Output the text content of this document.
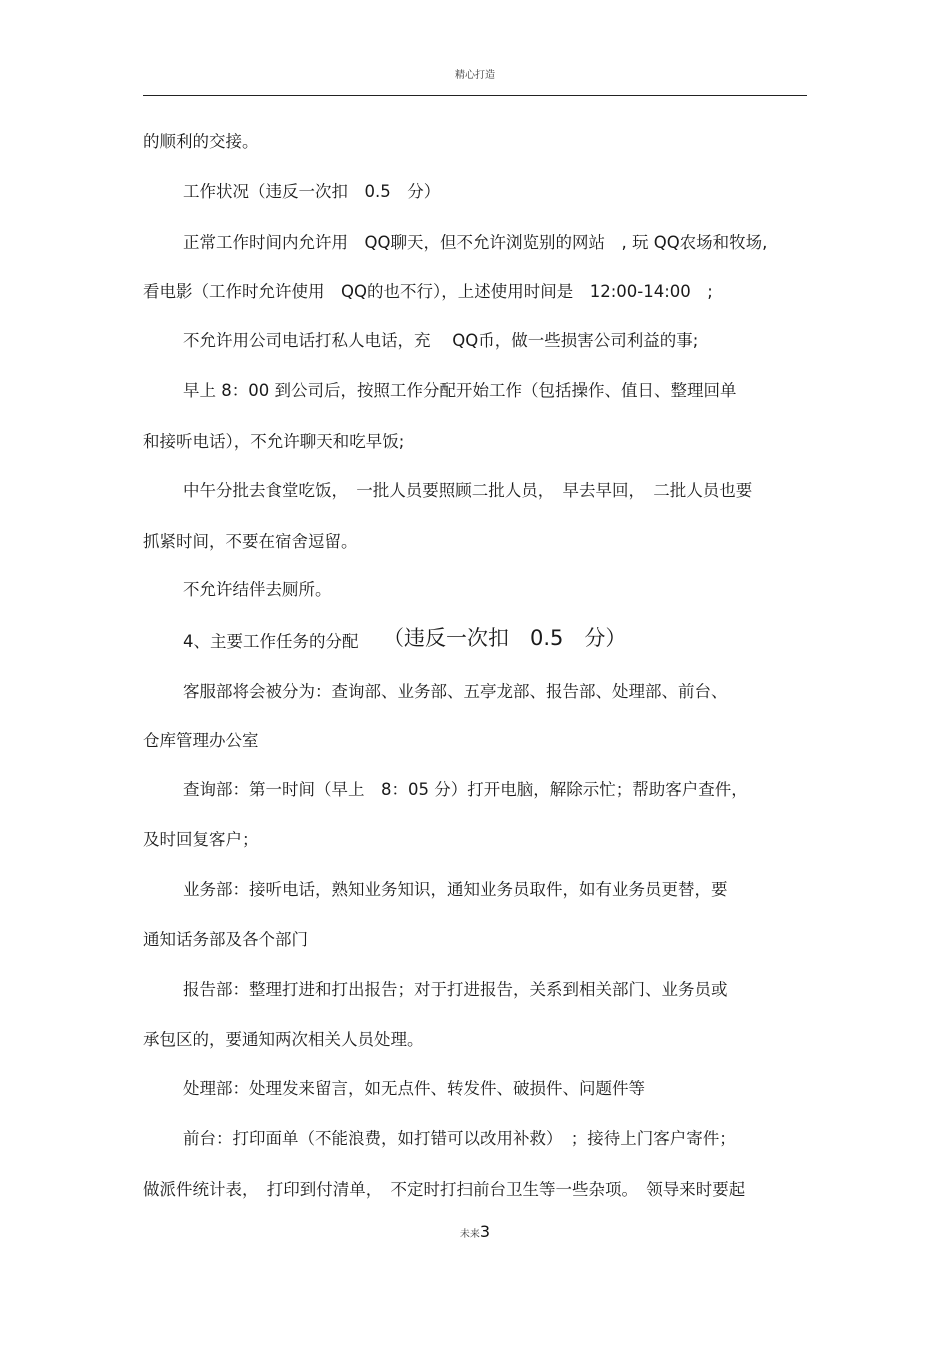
精心打造
的顺利的交接。
工作状况（违反一次扣　0.5　分）
正常工作时间内允许用　QQ聊天，但不允许浏览别的网站　, 玩 QQ农场和牧场,
看电影（工作时允许使用　QQ的也不行），上述使用时间是　12:00-14:00　;
不允许用公司电话打私人电话，充　 QQ币，做一些损害公司利益的事;
早上 8：00 到公司后，按照工作分配开始工作（包括操作、值日、整理回单
和接听电话），不允许聊天和吃早饭;
中午分批去食堂吃饭，　一批人员要照顾二批人员，　早去早回，　二批人员也要
抓紧时间，不要在宿舍逗留。
不允许结伴去厕所。
4、主要工作任务的分配 （违反一次扣　0.5　分）
客服部将会被分为：查询部、业务部、五亭龙部、报告部、处理部、前台、
仓库管理办公室
查询部：第一时间（早上　8：05 分）打开电脑，解除示忙；帮助客户查件，
及时回复客户；
业务部：接听电话，熟知业务知识，通知业务员取件，如有业务员更替，要
通知话务部及各个部门
报告部：整理打进和打出报告；对于打进报告，关系到相关部门、业务员或
承包区的，要通知两次相关人员处理。
处理部：处理发来留言，如无点件、转发件、破损件、问题件等
前台：打印面单（不能浪费，如打错可以改用补救）　；接待上门客户寄件；
做派件统计表，　打印到付清单，　不定时打扫前台卫生等一些杂项。　领导来时要起
未来3
